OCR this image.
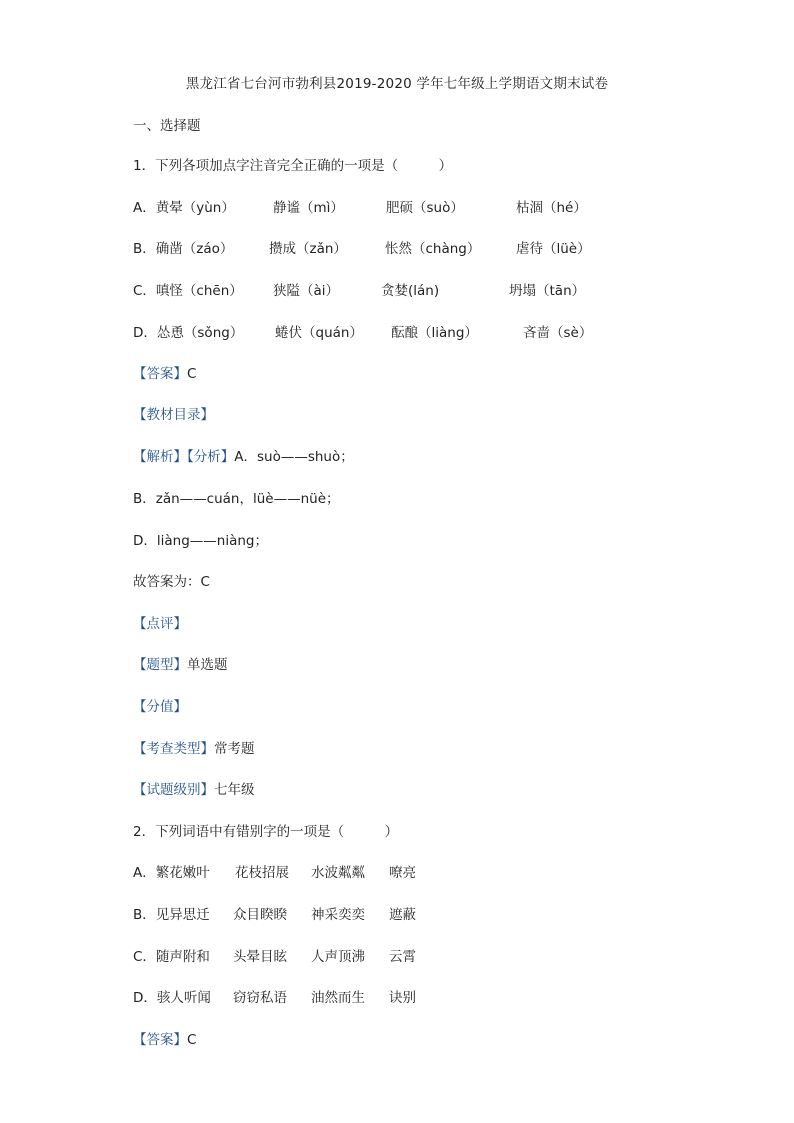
黑龙江省七台河市勃利县2019-2020 学年七年级上学期语文期末试卷
一、选择题
1．下列各项加点字注音完全正确的一项是（　　　）
A．黄晕（yùn）	静谧（mì）	肥硕（suò）	枯涸（hé）
B．确凿（záo）	攒成（zǎn）	怅然（chàng）	虐待（lüè）
C．嗔怪（chēn） 狭隘（ài）	贪婪(lán)	坍塌（tān）
D．怂恿（sǒng） 蜷伏（quán） 酝酿（liàng）	吝啬（sè）
【答案】C
【教材目录】
【解析】【分析】A．suò——shuò；
B．zǎn——cuán，lüè——nüè；
D．liàng——niàng；
故答案为：C
【点评】
【题型】单选题
【分值】
【考查类型】常考题
【试题级别】七年级
2．下列词语中有错别字的一项是（　　　）
A．繁花嫩叶 花枝招展 水波粼粼 嘹亮
B．见异思迁 众目睽睽 神采奕奕 遮蔽
C．随声附和 头晕目眩 人声顶沸 云霄
D．骇人听闻 窃窃私语 油然而生 诀别
【答案】C
